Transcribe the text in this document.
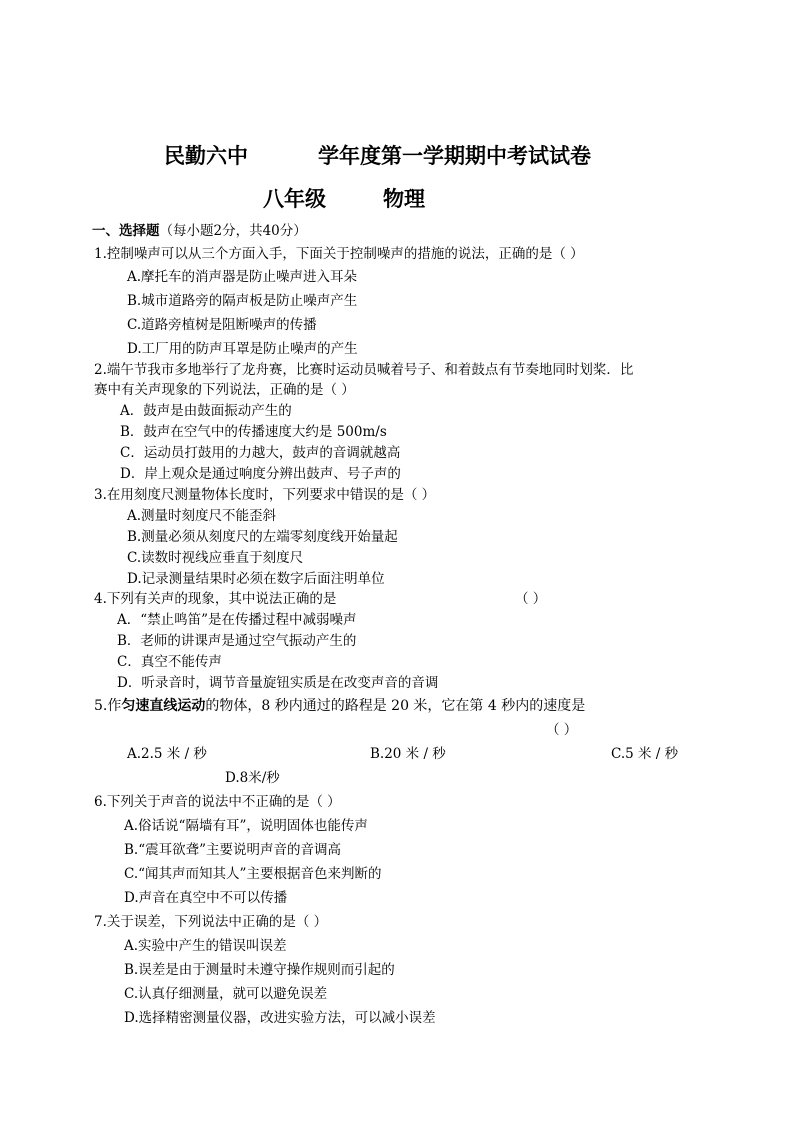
民勤六中	学年度第一学期期中考试试卷
八年级	物理
一、选择题（每小题2分，共40分）
1.控制噪声可以从三个方面入手，下面关于控制噪声的措施的说法，正确的是（ ）
A.摩托车的消声器是防止噪声进入耳朵
B.城市道路旁的隔声板是防止噪声产生
C.道路旁植树是阻断噪声的传播
D.工厂用的防声耳罩是防止噪声的产生
2.端午节我市多地举行了龙舟赛，比赛时运动员喊着号子、和着鼓点有节奏地同时划桨．比
赛中有关声现象的下列说法，正确的是（ ）
A．鼓声是由鼓面振动产生的
B．鼓声在空气中的传播速度大约是 500m/s
C．运动员打鼓用的力越大，鼓声的音调就越高
D．岸上观众是通过响度分辨出鼓声、号子声的
3.在用刻度尺测量物体长度时，下列要求中错误的是（ ）
A.测量时刻度尺不能歪斜
B.测量必须从刻度尺的左端零刻度线开始量起
C.读数时视线应垂直于刻度尺
D.记录测量结果时必须在数字后面注明单位
4.下列有关声的现象，其中说法正确的是	（ ）
A．“禁止鸣笛”是在传播过程中减弱噪声
B．老师的讲课声是通过空气振动产生的
C．真空不能传声
D．听录音时，调节音量旋钮实质是在改变声音的音调
5.作匀速直线运动的物体，8 秒内通过的路程是 20 米，它在第 4 秒内的速度是
（ ）
A.2.5 米 / 秒	B.20 米 / 秒	C.5 米 / 秒
D.8米/秒
6.下列关于声音的说法中不正确的是（ ）
A.俗话说“隔墙有耳”，说明固体也能传声
B.“震耳欲聋”主要说明声音的音调高
C.“闻其声而知其人”主要根据音色来判断的
D.声音在真空中不可以传播
7.关于误差，下列说法中正确的是（ ）
A.实验中产生的错误叫误差
B.误差是由于测量时未遵守操作规则而引起的
C.认真仔细测量，就可以避免误差
D.选择精密测量仪器，改进实验方法，可以减小误差
